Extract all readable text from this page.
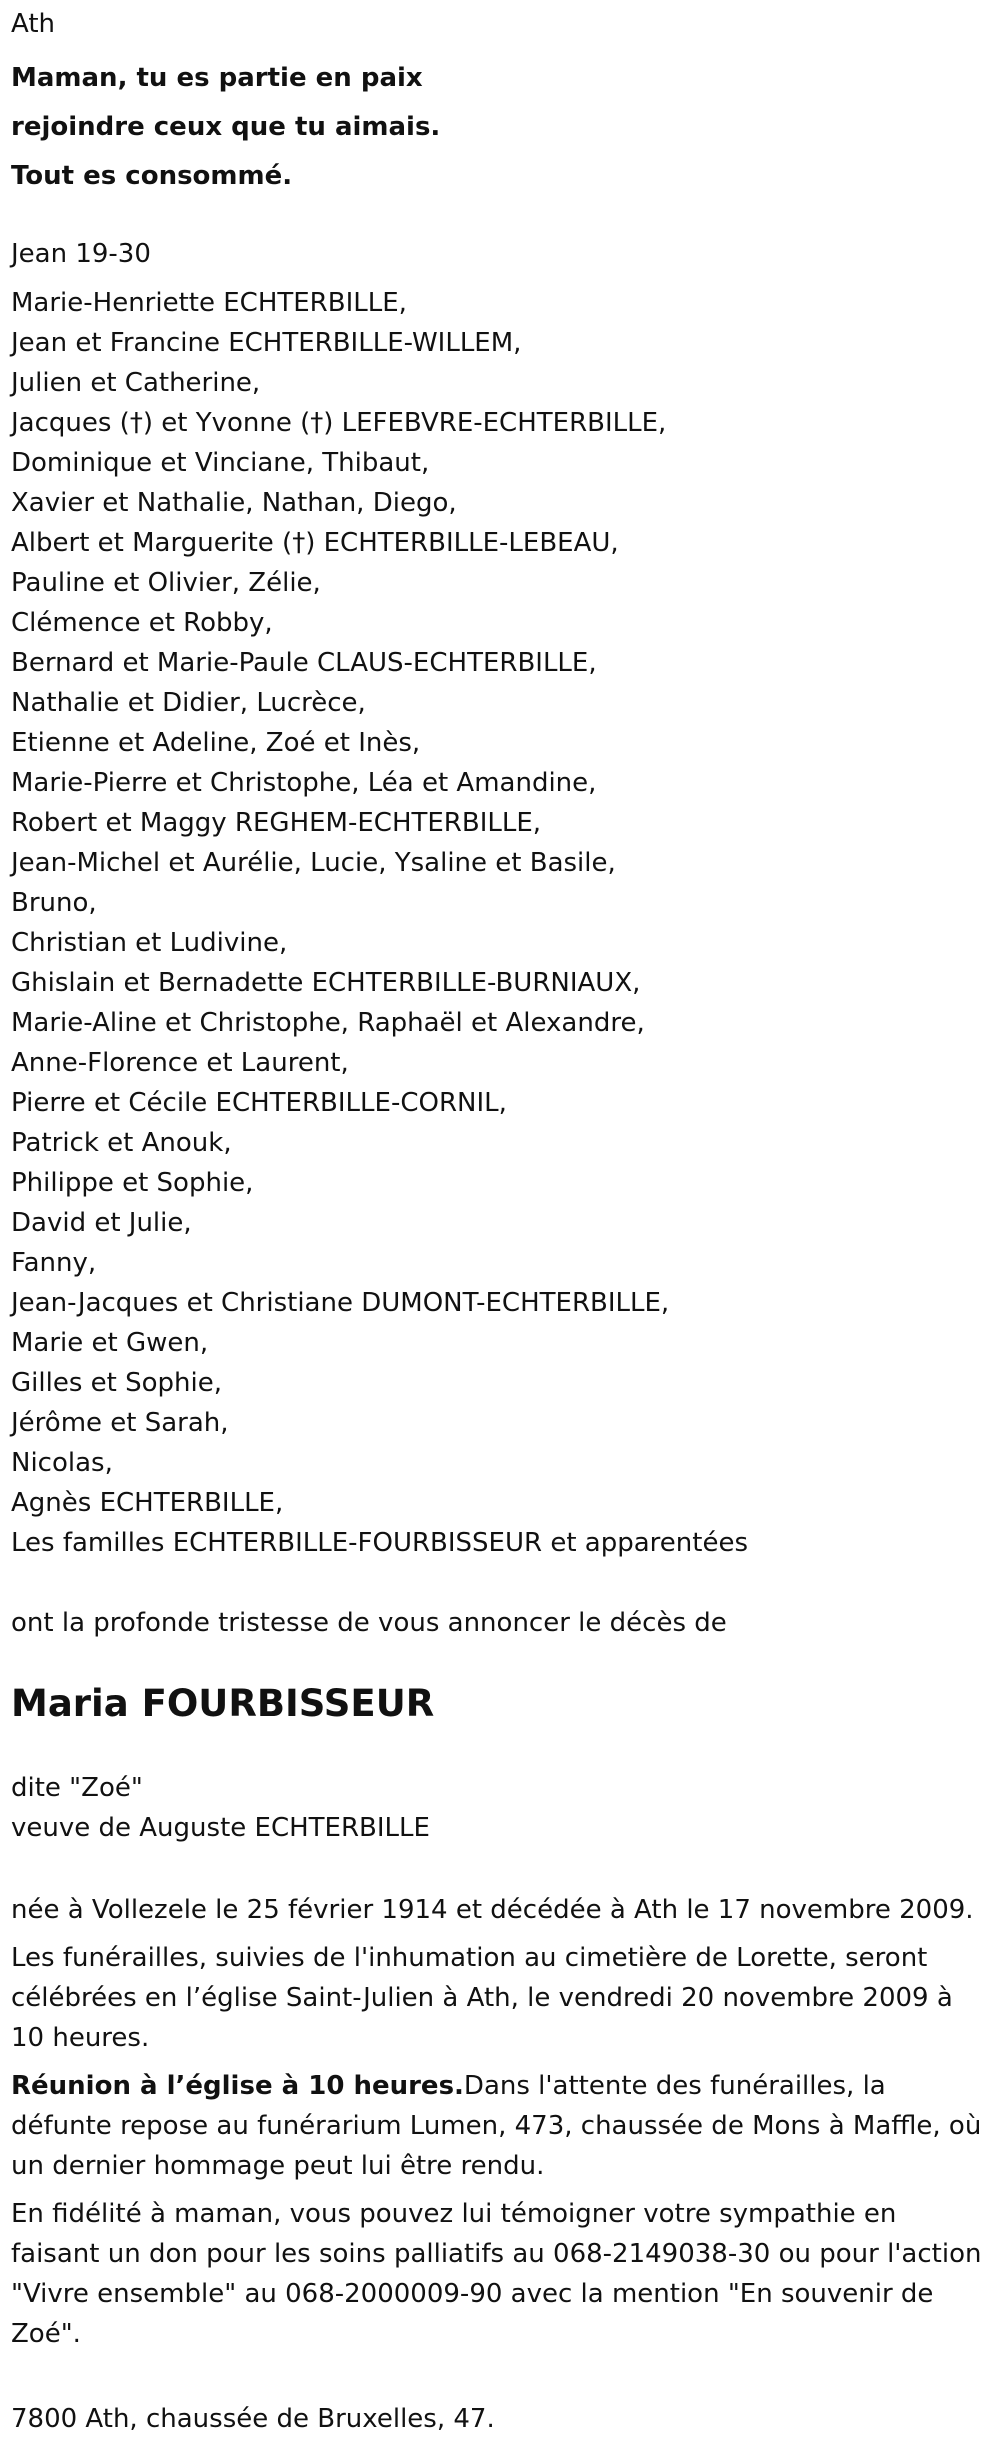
Ath
Maman, tu es partie en paix
rejoindre ceux que tu aimais.
Tout es consommé.
Jean 19-30
Marie-Henriette ECHTERBILLE,
Jean et Francine ECHTERBILLE-WILLEM,
Julien et Catherine,
Jacques (†) et Yvonne (†) LEFEBVRE-ECHTERBILLE,
Dominique et Vinciane, Thibaut,
Xavier et Nathalie, Nathan, Diego,
Albert et Marguerite (†) ECHTERBILLE-LEBEAU,
Pauline et Olivier, Zélie,
Clémence et Robby,
Bernard et Marie-Paule CLAUS-ECHTERBILLE,
Nathalie et Didier, Lucrèce,
Etienne et Adeline, Zoé et Inès,
Marie-Pierre et Christophe, Léa et Amandine,
Robert et Maggy REGHEM-ECHTERBILLE,
Jean-Michel et Aurélie, Lucie, Ysaline et Basile,
Bruno,
Christian et Ludivine,
Ghislain et Bernadette ECHTERBILLE-BURNIAUX,
Marie-Aline et Christophe, Raphaël et Alexandre,
Anne-Florence et Laurent,
Pierre et Cécile ECHTERBILLE-CORNIL,
Patrick et Anouk,
Philippe et Sophie,
David et Julie,
Fanny,
Jean-Jacques et Christiane DUMONT-ECHTERBILLE,
Marie et Gwen,
Gilles et Sophie,
Jérôme et Sarah,
Nicolas,
Agnès ECHTERBILLE,
Les familles ECHTERBILLE-FOURBISSEUR et apparentées
ont la profonde tristesse de vous annoncer le décès de
Maria FOURBISSEUR
dite "Zoé"
veuve de Auguste ECHTERBILLE

née à Vollezele le 25 février 1914 et décédée à Ath le 17 novembre 2009.

Les funérailles, suivies de l'inhumation au cimetière de Lorette, seront célébrées en l’église Saint-Julien à Ath, le vendredi 20 novembre 2009 à 10 heures.

Réunion à l’église à 10 heures.Dans l'attente des funérailles, la défunte repose au funérarium Lumen, 473, chaussée de Mons à Maffle, où un dernier hommage peut lui être rendu.

En fidélité à maman, vous pouvez lui témoigner votre sympathie en faisant un don pour les soins palliatifs au 068-2149038-30 ou pour l'action "Vivre ensemble" au 068-2000009-90 avec la mention "En souvenir de Zoé".

7800 Ath, chaussée de Bruxelles, 47.
